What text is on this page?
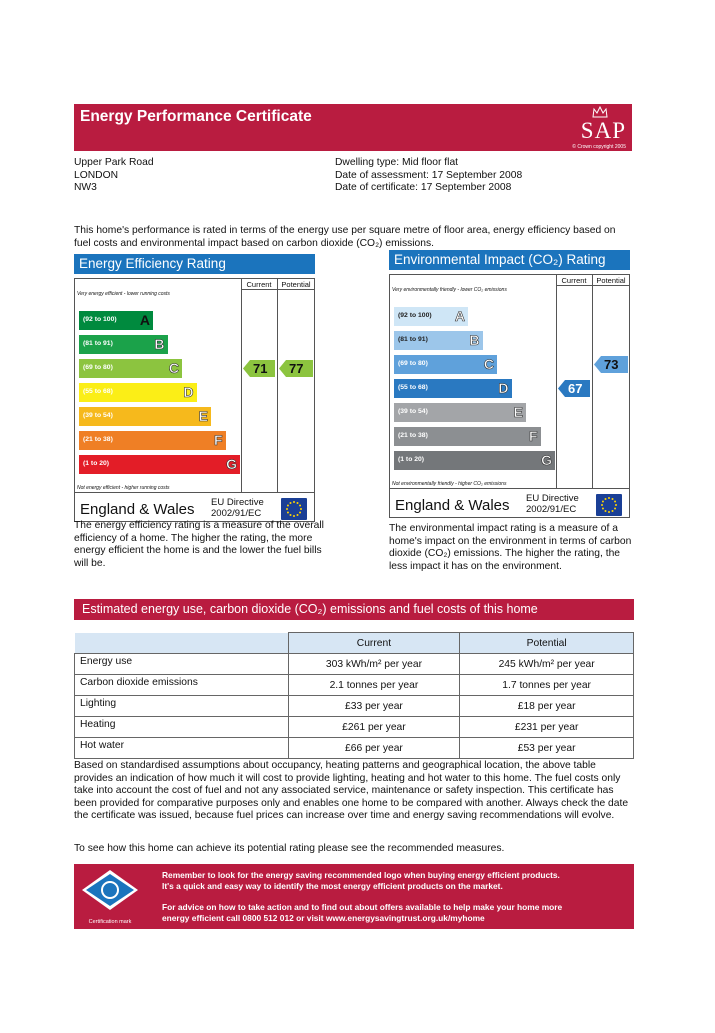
Energy Performance Certificate
SAP
© Crown copyright 2005
Upper Park Road
LONDON
NW3
Dwelling type: Mid floor flat
Date of assessment: 17 September 2008
Date of certificate: 17 September 2008
This home's performance is rated in terms of the energy use per square metre of floor area, energy efficiency based on fuel costs and environmental impact based on carbon dioxide (CO₂) emissions.
Energy Efficiency Rating
Current	Potential
Very energy efficient - lower running costs
Not energy efficient - higher running costs
(92 to 100) A
(81 to 91)	B
(69 to 80)	C
(55 to 68)	D
(39 to 54)	E
(21 to 38)	F
(1 to 20)	G
71 77
England & Wales EU Directive
2002/91/EC
The energy efficiency rating is a measure of the overall efficiency of a home. The higher the rating, the more energy efficient the home is and the lower the fuel bills will be.
Environmental Impact (CO₂) Rating
Current	Potential
Very environmentally friendly - lower CO₂ emissions
Not environmentally friendly - higher CO₂ emissions
(92 to 100) A
(81 to 91)	B
(69 to 80)	C
(55 to 68)	D
(39 to 54)	E
(21 to 38)	F
(1 to 20)	G
67
73
England & Wales EU Directive
2002/91/EC
The environmental impact rating is a measure of a home's impact on the environment in terms of carbon dioxide (CO₂) emissions. The higher the rating, the less impact it has on the environment.
Estimated energy use, carbon dioxide (CO₂) emissions and fuel costs of this home
	Current	Potential
Energy use	303 kWh/m² per year	245 kWh/m² per year
Carbon dioxide emissions	2.1 tonnes per year	1.7 tonnes per year
Lighting	£33 per year	£18 per year
Heating	£261 per year	£231 per year
Hot water	£66 per year	£53 per year
Based on standardised assumptions about occupancy, heating patterns and geographical location, the above table provides an indication of how much it will cost to provide lighting, heating and hot water to this home. The fuel costs only take into account the cost of fuel and not any associated service, maintenance or safety inspection. This certificate has been provided for comparative purposes only and enables one home to be compared with another. Always check the date the certificate was issued, because fuel prices can increase over time and energy saving recommendations will evolve.
To see how this home can achieve its potential rating please see the recommended measures.
Certification mark
Remember to look for the energy saving recommended logo when buying energy efficient products. It's a quick and easy way to identify the most energy efficient products on the market.
For advice on how to take action and to find out about offers available to help make your home more energy efficient call 0800 512 012 or visit www.energysavingtrust.org.uk/myhome
